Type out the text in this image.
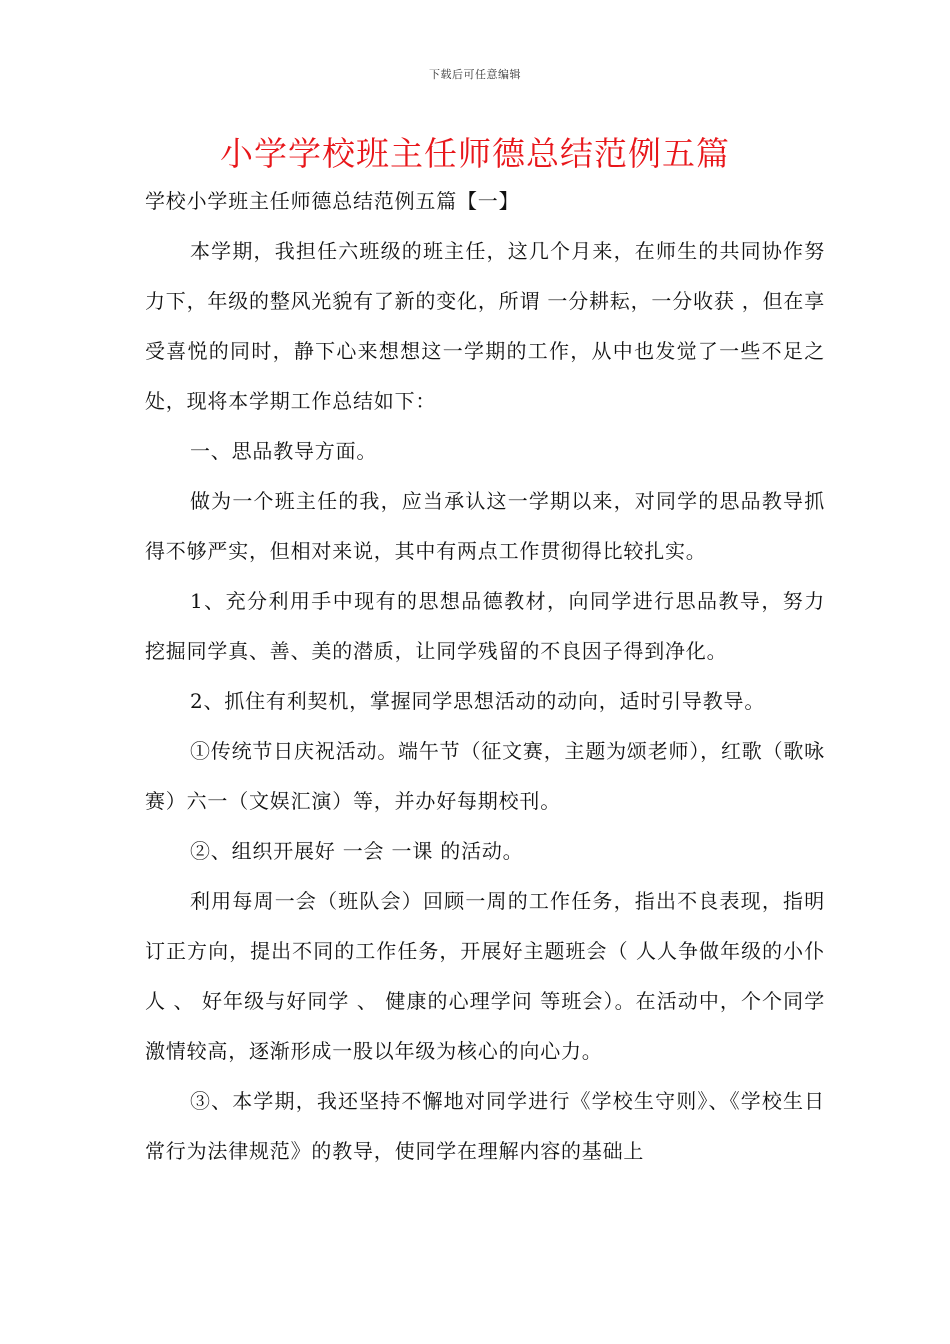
下载后可任意编辑
小学学校班主任师德总结范例五篇

学校小学班主任师德总结范例五篇【一】

本学期，我担任六班级的班主任，这几个月来，在师生的共同协作努力下，年级的整风光貌有了新的变化，所谓 一分耕耘，一分收获 ，但在享受喜悦的同时，静下心来想想这一学期的工作，从中也发觉了一些不足之处，现将本学期工作总结如下：

一、思品教导方面。

做为一个班主任的我，应当承认这一学期以来，对同学的思品教导抓得不够严实，但相对来说，其中有两点工作贯彻得比较扎实。

1、充分利用手中现有的思想品德教材，向同学进行思品教导，努力挖掘同学真、善、美的潜质，让同学残留的不良因子得到净化。

2、抓住有利契机，掌握同学思想活动的动向，适时引导教导。

①传统节日庆祝活动。端午节（征文赛，主题为颂老师），红歌（歌咏赛）六一（文娱汇演）等，并办好每期校刊。

②、组织开展好 一会 一课 的活动。

利用每周一会（班队会）回顾一周的工作任务，指出不良表现，指明订正方向，提出不同的工作任务，开展好主题班会（ 人人争做年级的小仆人 、 好年级与好同学 、 健康的心理学问 等班会）。在活动中，个个同学激情较高，逐渐形成一股以年级为核心的向心力。

③、本学期，我还坚持不懈地对同学进行《学校生守则》、《学校生日常行为法律规范》的教导，使同学在理解内容的基础上
